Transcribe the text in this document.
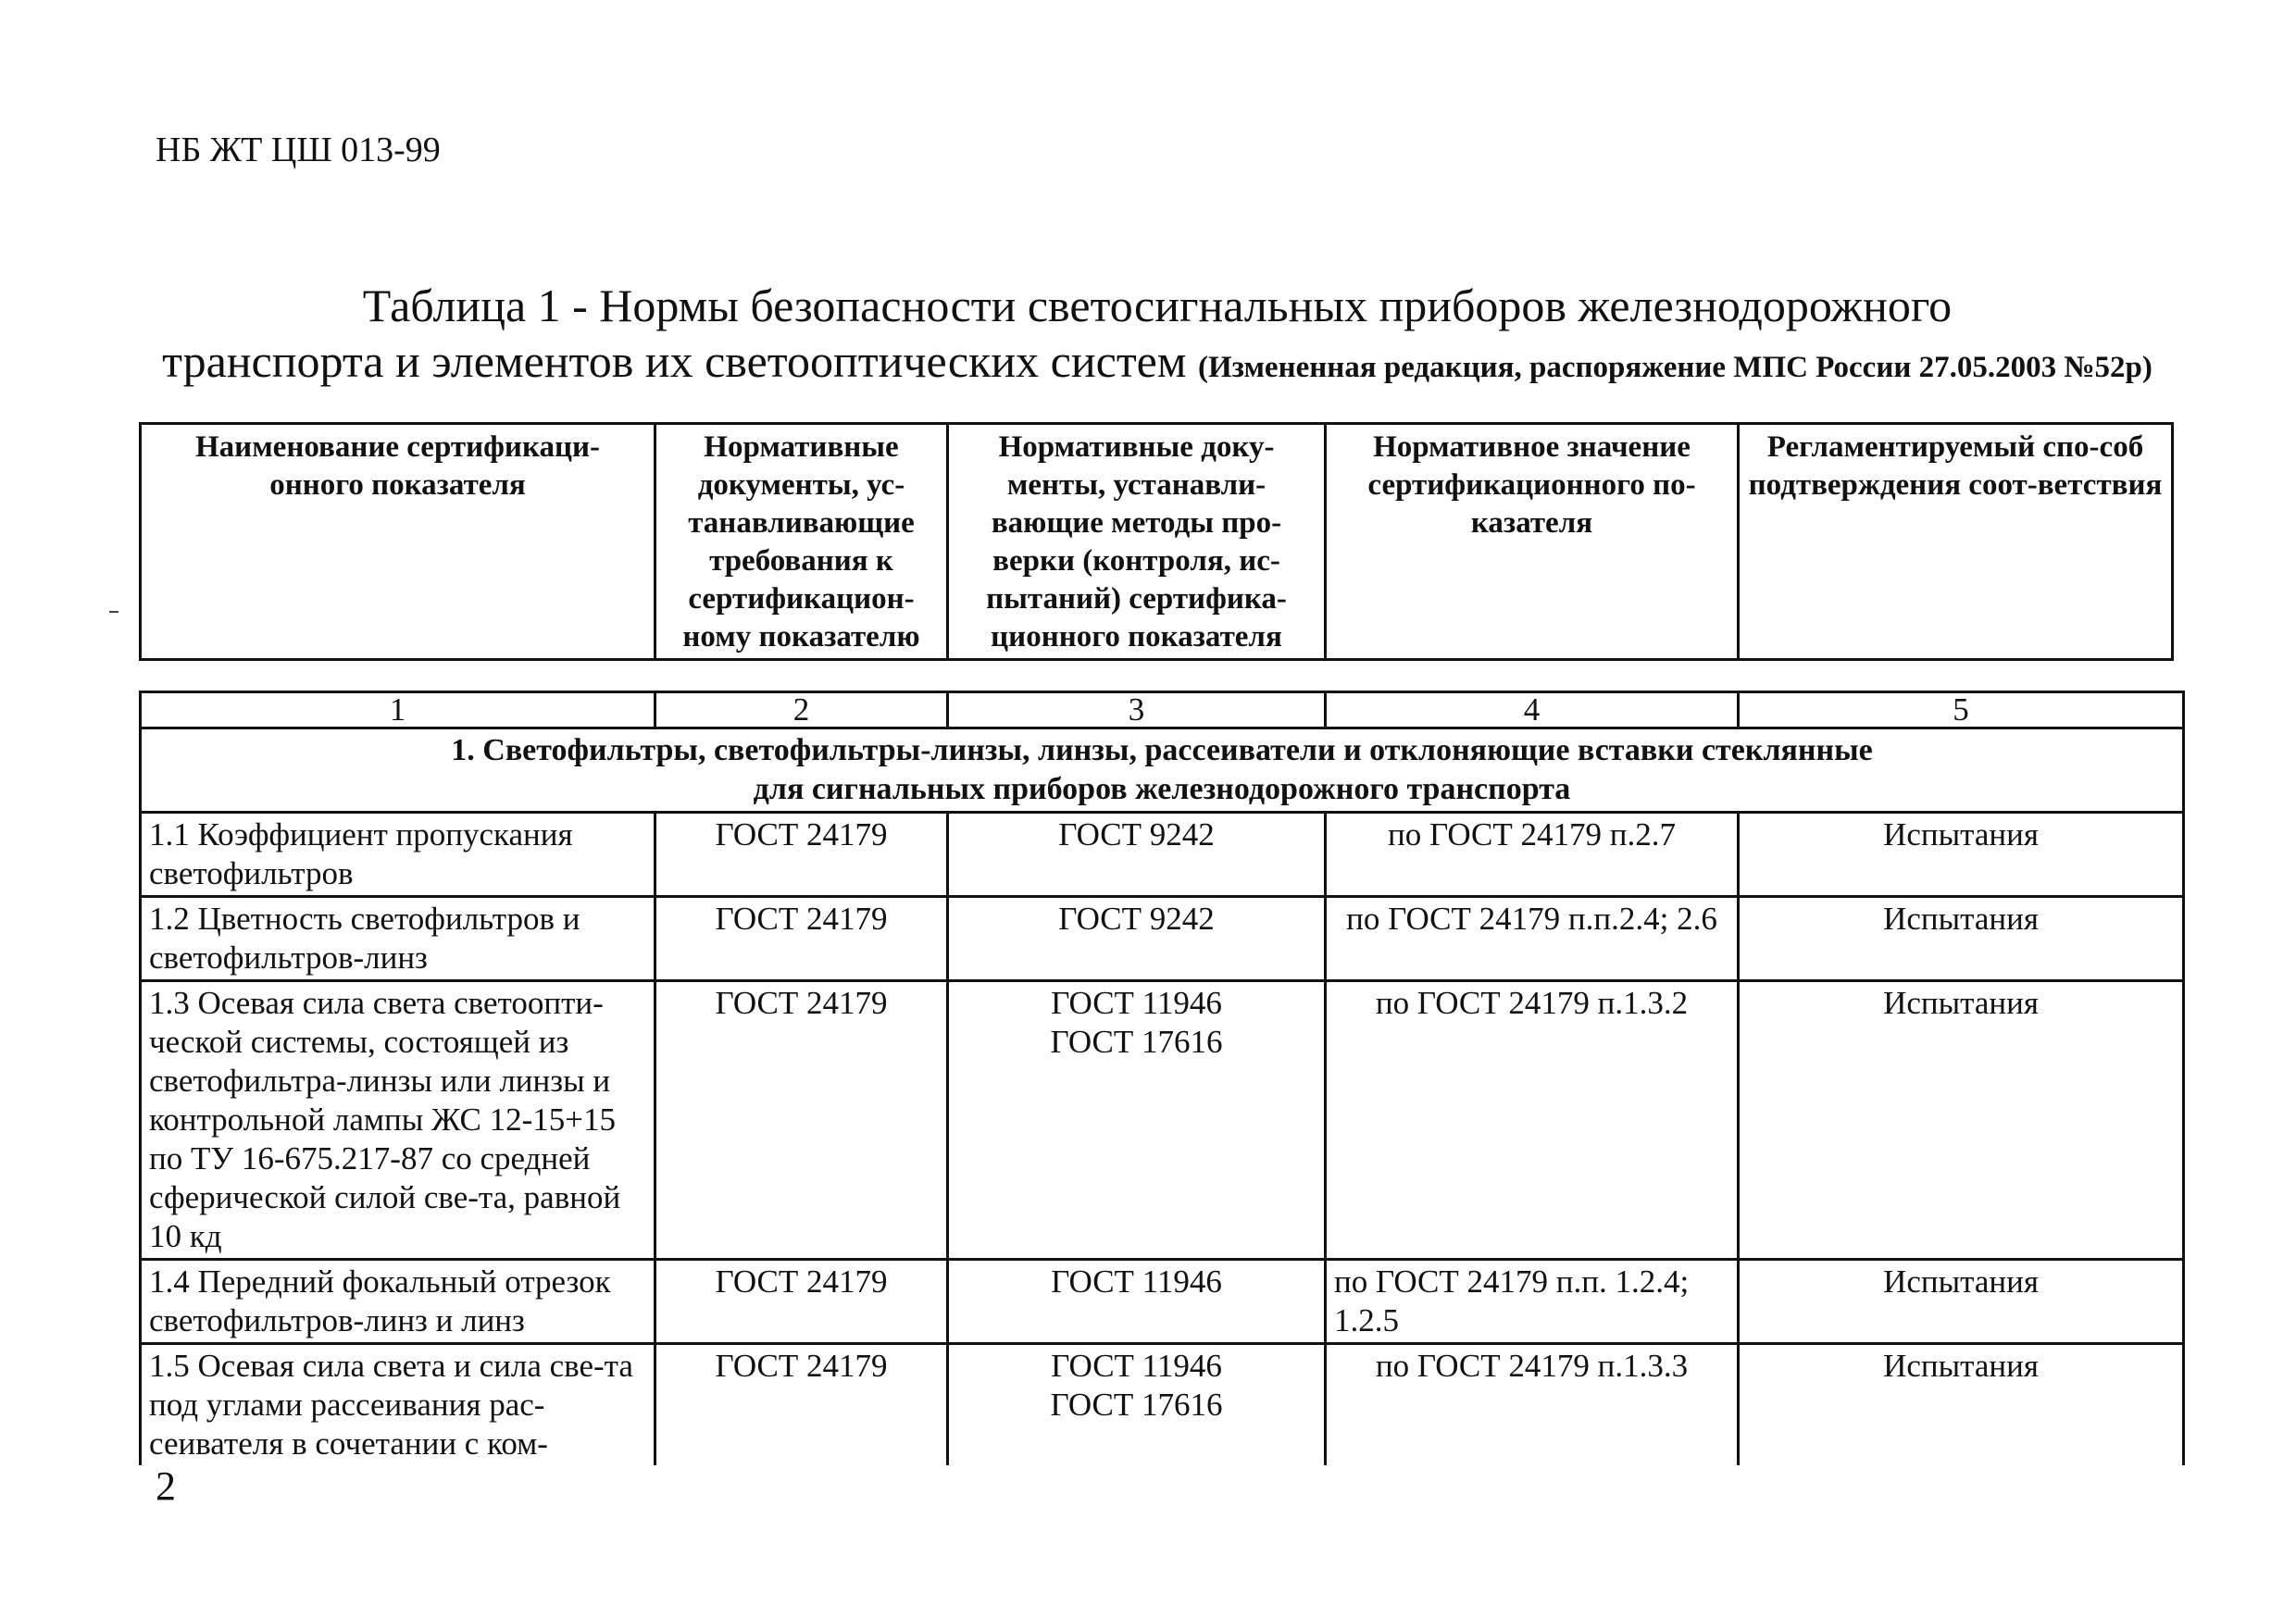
НБ ЖТ ЦШ 013-99
Таблица 1 - Нормы безопасности светосигнальных приборов железнодорожного
транспорта и элементов их светооптических систем (Измененная редакция, распоряжение МПС России 27.05.2003 №52р)
Наименование сертификаци-онного показателя	Нормативные документы, ус-танавливающие требования к сертификацион-ному показателю	Нормативные доку-менты, устанавли-вающие методы про-верки (контроля, ис-пытаний) сертифика-ционного показателя	Нормативное значение сертификационного по-казателя	Регламентируемый спо-соб подтверждения соот-ветствия
1	2	3	4	5

1. Светофильтры, светофильтры-линзы, линзы, рассеиватели и отклоняющие вставки стеклянные
для сигнальных приборов железнодорожного транспорта				

1.1 Коэффициент пропускания светофильтров	ГОСТ 24179	ГОСТ 9242	по ГОСТ 24179 п.2.7	Испытания
1.2 Цветность светофильтров и светофильтров-линз	ГОСТ 24179	ГОСТ 9242	по ГОСТ 24179 п.п.2.4; 2.6	Испытания
1.3 Осевая сила света светоопти-ческой системы, состоящей из светофильтра-линзы или линзы и контрольной лампы ЖС 12-15+15 по ТУ 16-675.217-87 со средней сферической силой све-та, равной 10 кд	ГОСТ 24179	ГОСТ 11946 ГОСТ 17616	по ГОСТ 24179 п.1.3.2	Испытания
1.4 Передний фокальный отрезок светофильтров-линз и линз	ГОСТ 24179	ГОСТ 11946	по ГОСТ 24179 п.п. 1.2.4; 1.2.5	Испытания
1.5 Осевая сила света и сила све-та под углами рассеивания рас-сеивателя в сочетании с ком-	ГОСТ 24179	ГОСТ 11946 ГОСТ 17616	по ГОСТ 24179 п.1.3.3	Испытания
2
